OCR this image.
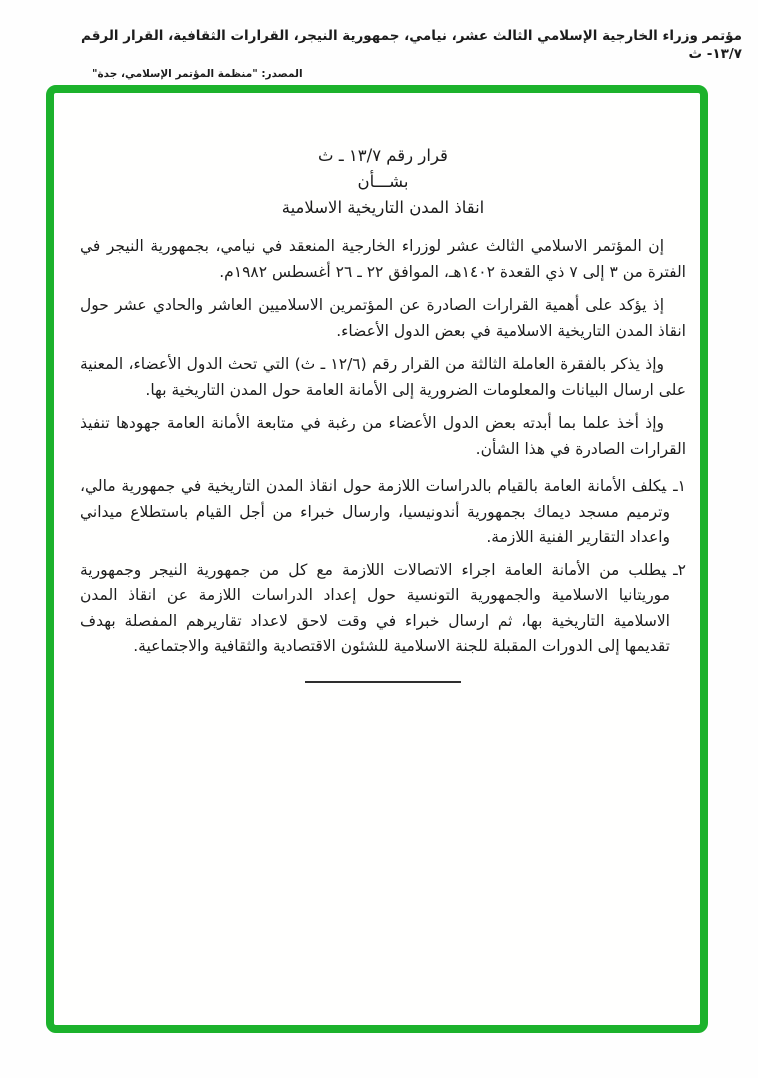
مؤتمر وزراء الخارجية الإسلامي الثالث عشر، نيامي، جمهورية النيجر، القرارات الثقافية، القرار الرقم ١٣/٧- ث
المصدر: "منظمة المؤتمر الإسلامي، جدة"
قرار رقم ١٣/٧ ـ ث
بشـــأن
انقاذ المدن التاريخية الاسلامية

إن المؤتمر الاسلامي الثالث عشر لوزراء الخارجية المنعقد في نيامي، بجمهورية النيجر في الفترة من ٣ إلى ٧ ذي القعدة ١٤٠٢هـ، الموافق ٢٢ ـ ٢٦ أغسطس ١٩٨٢م.

إذ يؤكد على أهمية القرارات الصادرة عن المؤتمرين الاسلاميين العاشر والحادي عشر حول انقاذ المدن التاريخية الاسلامية في بعض الدول الأعضاء.

وإذ يذكر بالفقرة العاملة الثالثة من القرار رقم (١٢/٦ ـ ث) التي تحث الدول الأعضاء، المعنية على ارسال البيانات والمعلومات الضرورية إلى الأمانة العامة حول المدن التاريخية بها.

وإذ أخذ علما بما أبدته بعض الدول الأعضاء من رغبة في متابعة الأمانة العامة جهودها تنفيذ القرارات الصادرة في هذا الشأن.

١ـيكلف الأمانة العامة بالقيام بالدراسات اللازمة حول انقاذ المدن التاريخية في جمهورية مالي، وترميم مسجد ديماك بجمهورية أندونيسيا، وارسال خبراء من أجل القيام باستطلاع ميداني واعداد التقارير الفنية اللازمة.

٢ـيطلب من الأمانة العامة اجراء الاتصالات اللازمة مع كل من جمهورية النيجر وجمهورية موريتانيا الاسلامية والجمهورية التونسية حول إعداد الدراسات اللازمة عن انقاذ المدن الاسلامية التاريخية بها، ثم ارسال خبراء في وقت لاحق لاعداد تقاريرهم المفصلة بهدف تقديمها إلى الدورات المقبلة للجنة الاسلامية للشئون الاقتصادية والثقافية والاجتماعية.
